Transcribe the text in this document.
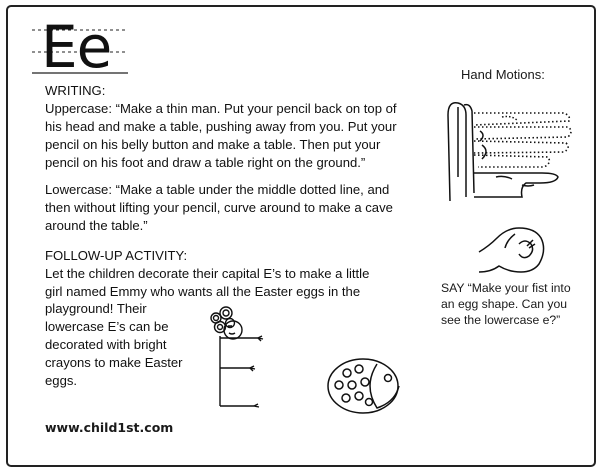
Ee
WRITING:
Uppercase: “Make a thin man. Put your pencil back on top of
his head and make a table, pushing away from you. Put your
pencil on his belly button and make a table. Then put your
pencil on his foot and draw a table right on the ground.”
Lowercase: “Make a table under the middle dotted line, and
then without lifting your pencil, curve around to make a cave
around the table.”
FOLLOW-UP ACTIVITY:
Let the children decorate their capital E’s to make a little
girl named Emmy who wants all the Easter eggs in the
playground! Their
lowercase E’s can be
decorated with bright
crayons to make Easter
eggs.
Hand Motions:
SAY “Make your fist into
an egg shape. Can you
see the lowercase e?”
www.child1st.com
